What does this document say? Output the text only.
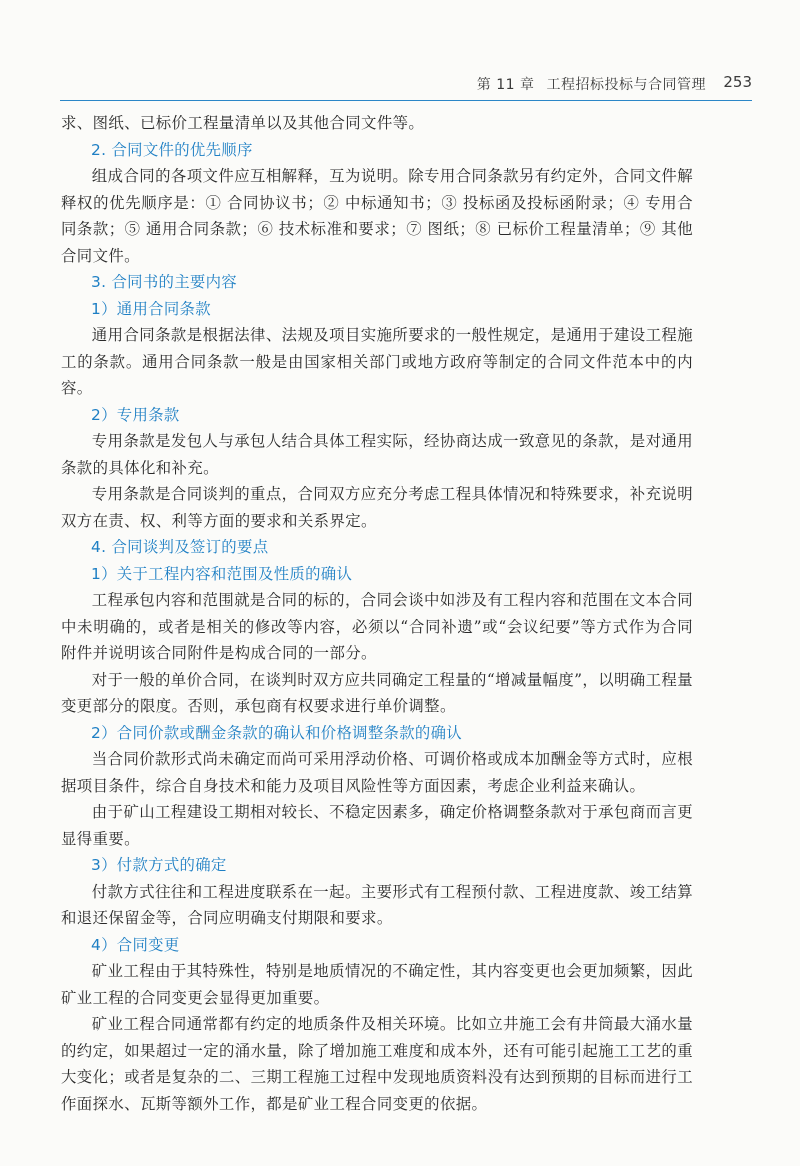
第 11 章 工程招标投标与合同管理 253

求、图纸、已标价工程量清单以及其他合同文件等。

2. 合同文件的优先顺序

组成合同的各项文件应互相解释，互为说明。除专用合同条款另有约定外，合同文件解释权的优先顺序是：① 合同协议书；② 中标通知书；③ 投标函及投标函附录；④ 专用合同条款；⑤ 通用合同条款；⑥ 技术标准和要求；⑦ 图纸；⑧ 已标价工程量清单；⑨ 其他合同文件。

3. 合同书的主要内容

1）通用合同条款

通用合同条款是根据法律、法规及项目实施所要求的一般性规定，是通用于建设工程施工的条款。通用合同条款一般是由国家相关部门或地方政府等制定的合同文件范本中的内容。

2）专用条款

专用条款是发包人与承包人结合具体工程实际，经协商达成一致意见的条款，是对通用条款的具体化和补充。

专用条款是合同谈判的重点，合同双方应充分考虑工程具体情况和特殊要求，补充说明双方在责、权、利等方面的要求和关系界定。

4. 合同谈判及签订的要点

1）关于工程内容和范围及性质的确认

工程承包内容和范围就是合同的标的，合同会谈中如涉及有工程内容和范围在文本合同中未明确的，或者是相关的修改等内容，必须以“合同补遗”或“会议纪要”等方式作为合同附件并说明该合同附件是构成合同的一部分。

对于一般的单价合同，在谈判时双方应共同确定工程量的“增减量幅度”，以明确工程量变更部分的限度。否则，承包商有权要求进行单价调整。

2）合同价款或酬金条款的确认和价格调整条款的确认

当合同价款形式尚未确定而尚可采用浮动价格、可调价格或成本加酬金等方式时，应根据项目条件，综合自身技术和能力及项目风险性等方面因素，考虑企业利益来确认。

由于矿山工程建设工期相对较长、不稳定因素多，确定价格调整条款对于承包商而言更显得重要。

3）付款方式的确定

付款方式往往和工程进度联系在一起。主要形式有工程预付款、工程进度款、竣工结算和退还保留金等，合同应明确支付期限和要求。

4）合同变更

矿业工程由于其特殊性，特别是地质情况的不确定性，其内容变更也会更加频繁，因此矿业工程的合同变更会显得更加重要。

矿业工程合同通常都有约定的地质条件及相关环境。比如立井施工会有井筒最大涌水量的约定，如果超过一定的涌水量，除了增加施工难度和成本外，还有可能引起施工工艺的重大变化；或者是复杂的二、三期工程施工过程中发现地质资料没有达到预期的目标而进行工作面探水、瓦斯等额外工作，都是矿业工程合同变更的依据。
